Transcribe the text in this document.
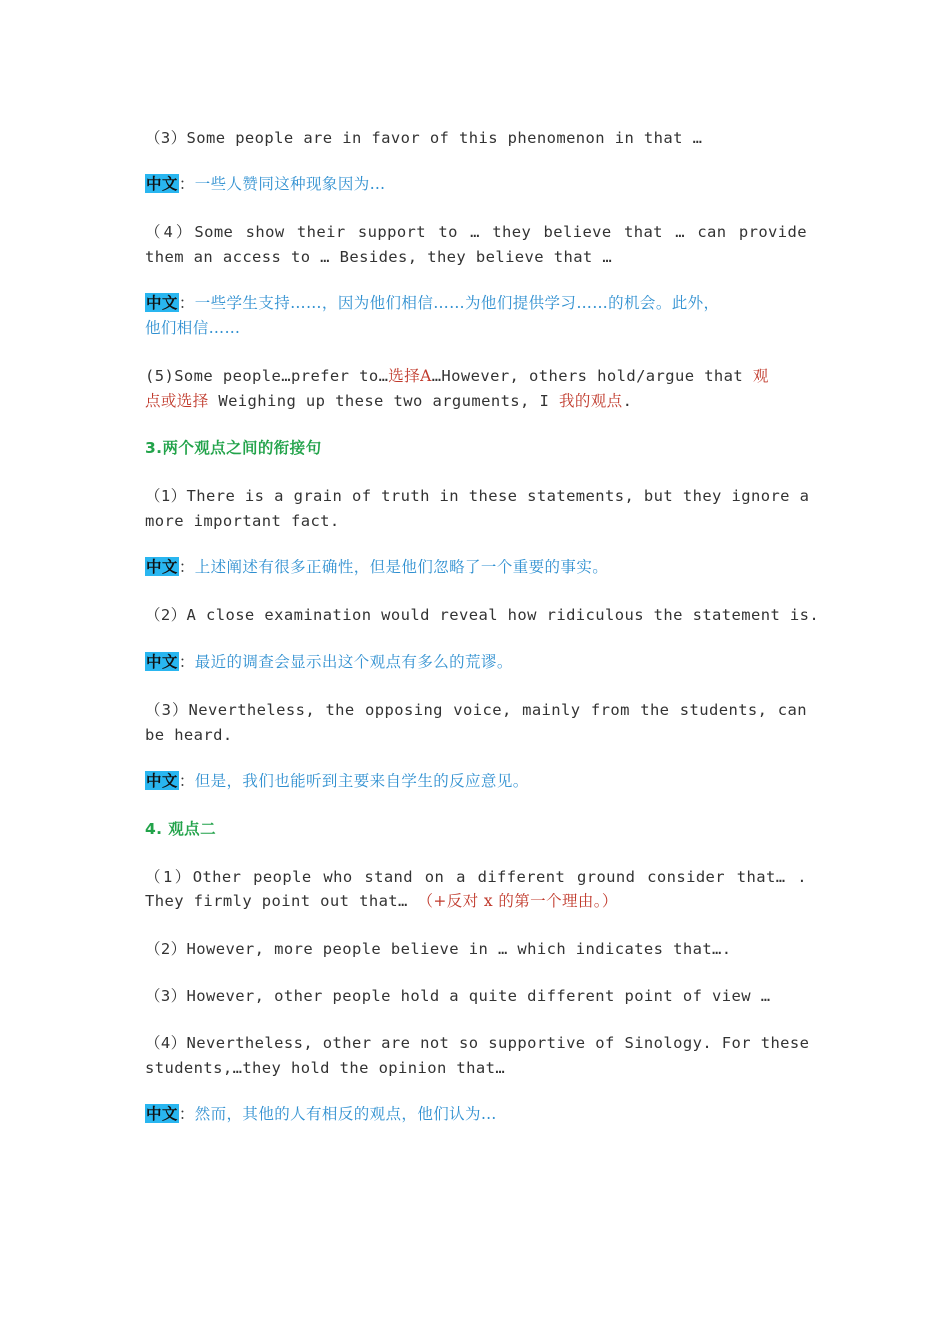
（3）Some people are in favor of this phenomenon in that …
中文：一些人赞同这种现象因为…
（4）Some show their support to … they believe that … can provide
them an access to … Besides, they believe that …
中文：一些学生支持……，因为他们相信……为他们提供学习……的机会。此外，
他们相信……
(5)Some people…prefer to…选择A…However, others hold/argue that 观
点或选择 Weighing up these two arguments, I 我的观点.
3.两个观点之间的衔接句
（1）There is a grain of truth in these statements, but they ignore a
more important fact.
中文：上述阐述有很多正确性，但是他们忽略了一个重要的事实。
（2）A close examination would reveal how ridiculous the statement is.
中文：最近的调查会显示出这个观点有多么的荒谬。
（3）Nevertheless, the opposing voice, mainly from the students, can
be heard.
中文：但是，我们也能听到主要来自学生的反应意见。
4. 观点二
（1）Other people who stand on a different ground consider that… .
They firmly point out that… （+反对 x 的第一个理由。）
（2）However, more people believe in … which indicates that….
（3）However, other people hold a quite different point of view …
（4）Nevertheless, other are not so supportive of Sinology. For these
students,…they hold the opinion that…
中文：然而，其他的人有相反的观点，他们认为…
